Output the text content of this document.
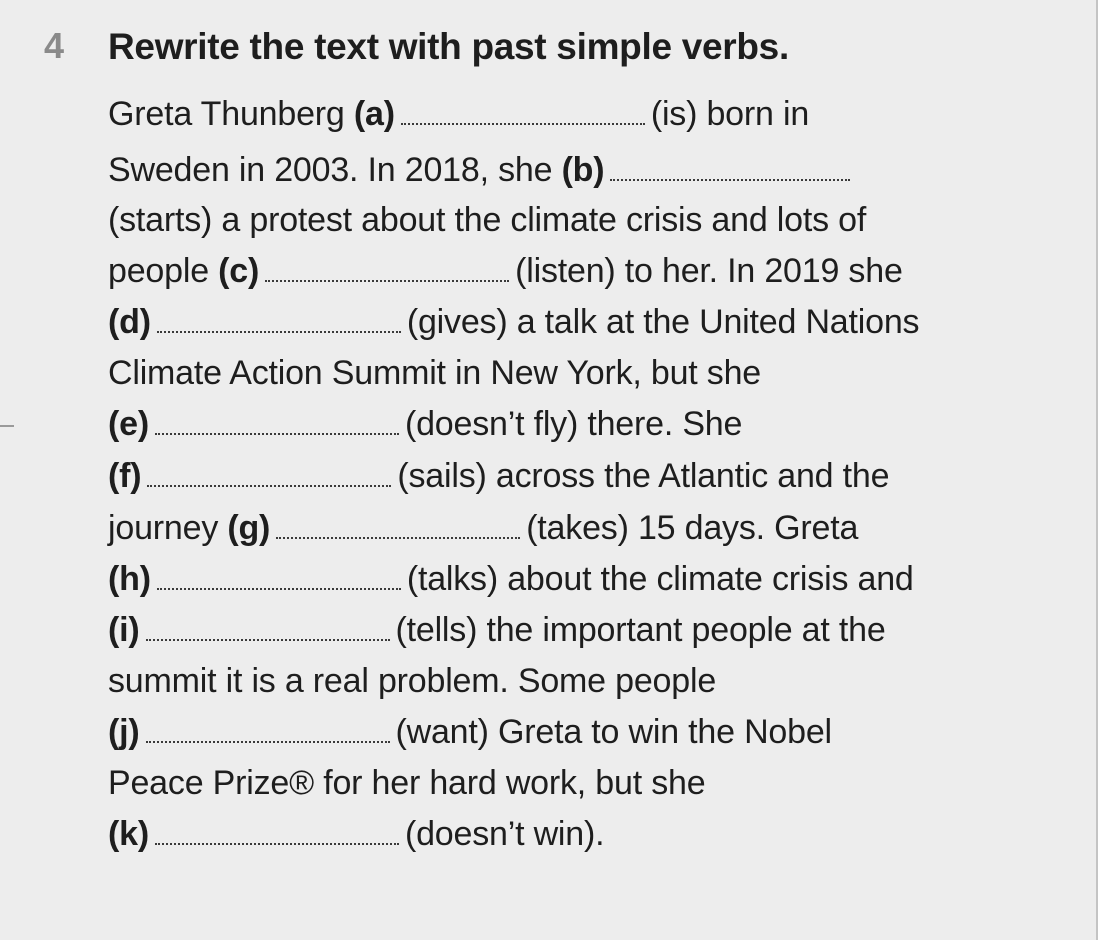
4 Rewrite the text with past simple verbs.
Greta Thunberg (a)	(is) born in
Sweden in 2003. In 2018, she (b)
(starts) a protest about the climate crisis and lots of
people (c)	(listen) to her. In 2019 she
(d)	(gives) a talk at the United Nations
Climate Action Summit in New York, but she
(e)	(doesn’t fly) there. She
(f)	(sails) across the Atlantic and the
journey (g)	(takes) 15 days. Greta
(h)	(talks) about the climate crisis and
(i)	(tells) the important people at the
summit it is a real problem. Some people
(j)	(want) Greta to win the Nobel
Peace Prize® for her hard work, but she
(k)	(doesn’t win).
